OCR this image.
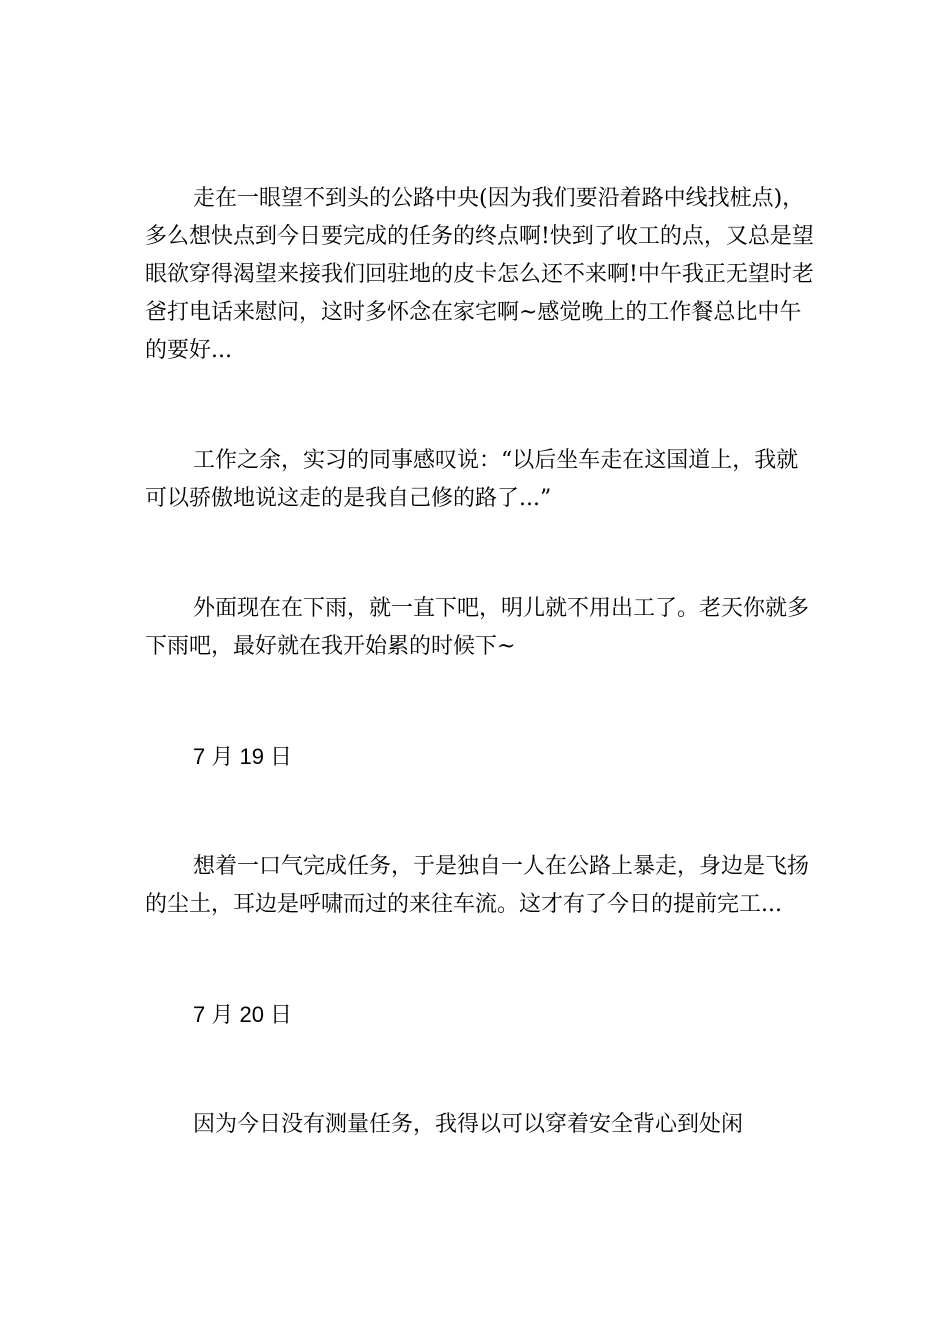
走在一眼望不到头的公路中央(因为我们要沿着路中线找桩点)，多么想快点到今日要完成的任务的终点啊!快到了收工的点，又总是望眼欲穿得渴望来接我们回驻地的皮卡怎么还不来啊!中午我正无望时老爸打电话来慰问，这时多怀念在家宅啊~感觉晚上的工作餐总比中午的要好...

工作之余，实习的同事感叹说：“以后坐车走在这国道上，我就可以骄傲地说这走的是我自己修的路了...”

外面现在在下雨，就一直下吧，明儿就不用出工了。老天你就多下雨吧，最好就在我开始累的时候下~

7 月 19 日

想着一口气完成任务，于是独自一人在公路上暴走，身边是飞扬的尘土，耳边是呼啸而过的来往车流。这才有了今日的提前完工...

7 月 20 日

因为今日没有测量任务，我得以可以穿着安全背心到处闲
